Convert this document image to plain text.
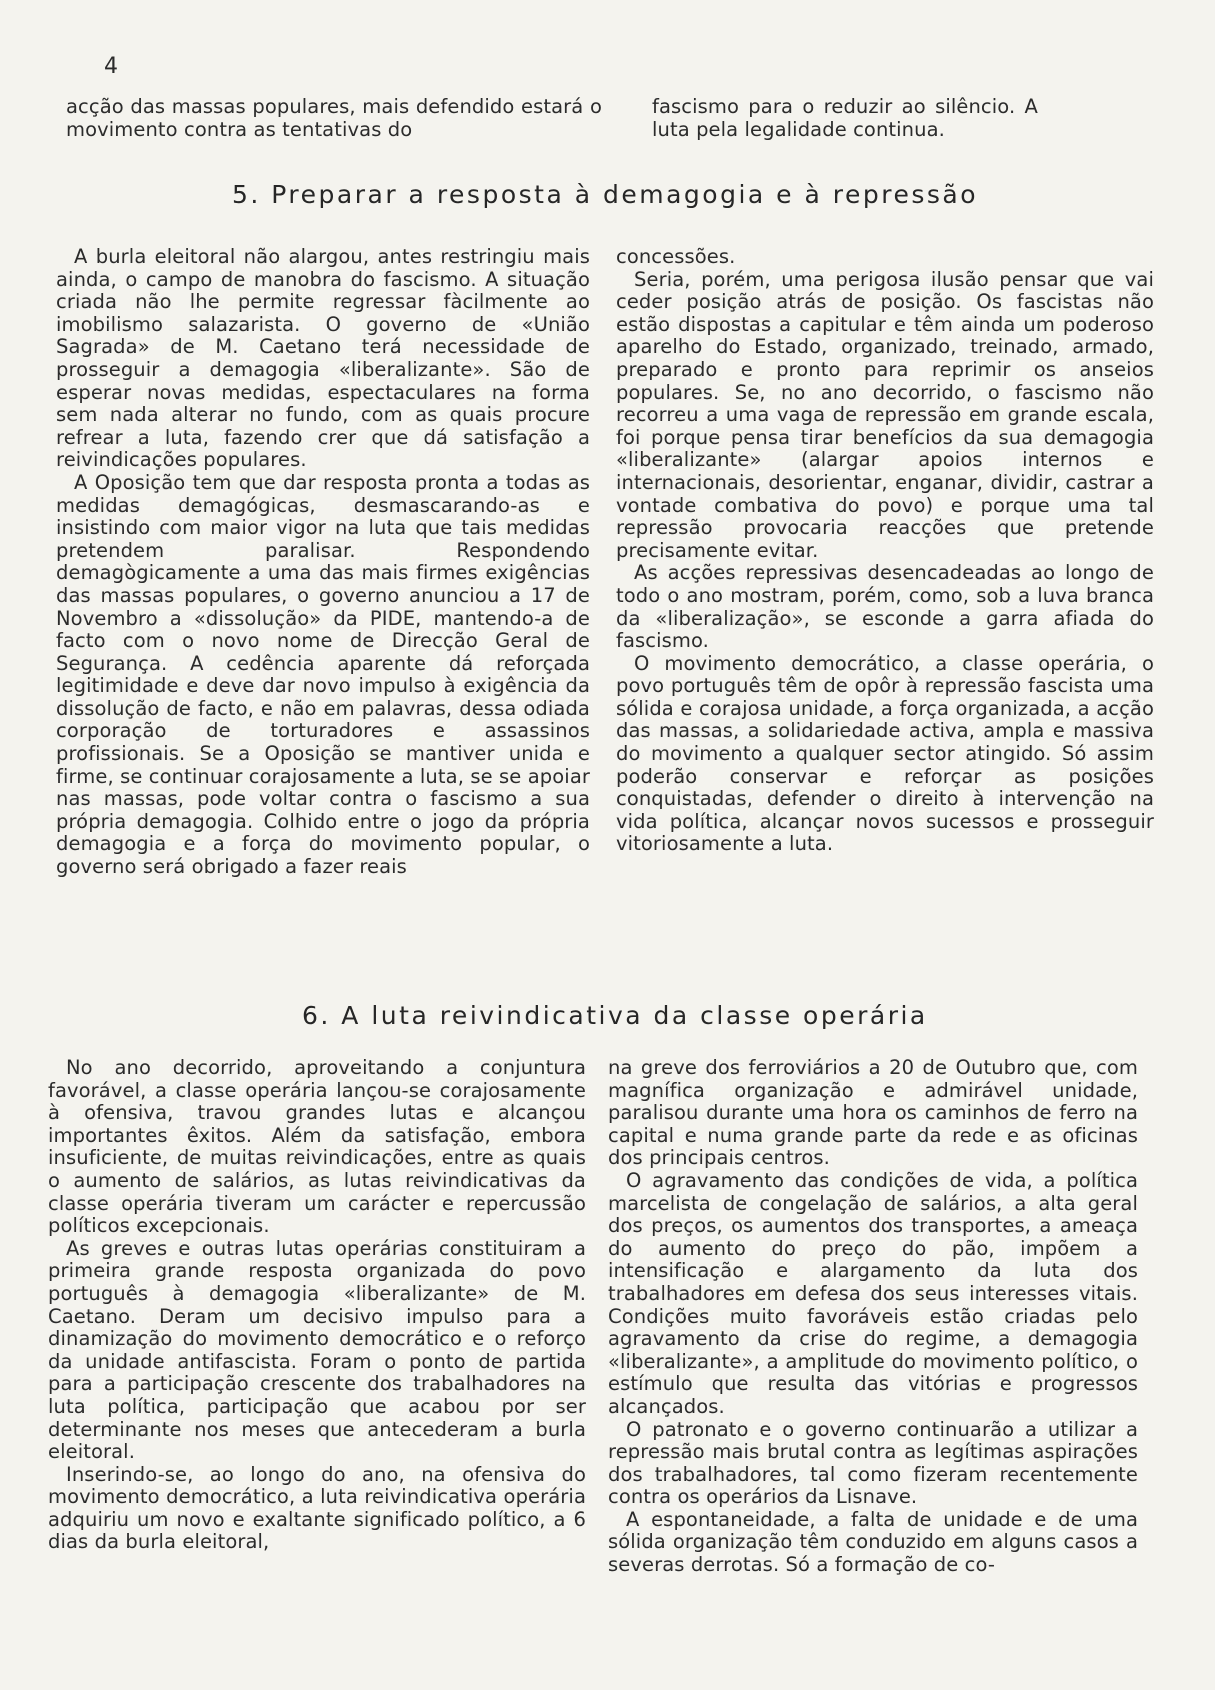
4

acção das massas populares, mais defendido estará o movimento contra as tentativas do

fascismo para o reduzir ao silêncio. A luta pela legalidade continua.

5. Preparar a resposta à demagogia e à repressão

A burla eleitoral não alargou, antes restringiu mais ainda, o campo de manobra do fascismo. A situação criada não lhe permite regressar fàcilmente ao imobilismo salazarista. O governo de «União Sagrada» de M. Caetano terá necessidade de prosseguir a demagogia «liberalizante». São de esperar novas medidas, espectaculares na forma sem nada alterar no fundo, com as quais procure refrear a luta, fazendo crer que dá satisfação a reivindicações populares.

A Oposição tem que dar resposta pronta a todas as medidas demagógicas, desmascarando-as e insistindo com maior vigor na luta que tais medidas pretendem paralisar. Respondendo demagògicamente a uma das mais firmes exigências das massas populares, o governo anunciou a 17 de Novembro a «dissolução» da PIDE, mantendo-a de facto com o novo nome de Direcção Geral de Segurança. A cedência aparente dá reforçada legitimidade e deve dar novo impulso à exigência da dissolução de facto, e não em palavras, dessa odiada corporação de torturadores e assassinos profissionais. Se a Oposição se mantiver unida e firme, se continuar corajosamente a luta, se se apoiar nas massas, pode voltar contra o fascismo a sua própria demagogia. Colhido entre o jogo da própria demagogia e a força do movimento popular, o governo será obrigado a fazer reais

concessões.

Seria, porém, uma perigosa ilusão pensar que vai ceder posição atrás de posição. Os fascistas não estão dispostas a capitular e têm ainda um poderoso aparelho do Estado, organizado, treinado, armado, preparado e pronto para reprimir os anseios populares. Se, no ano decorrido, o fascismo não recorreu a uma vaga de repressão em grande escala, foi porque pensa tirar benefícios da sua demagogia «liberalizante» (alargar apoios internos e internacionais, desorientar, enganar, dividir, castrar a vontade combativa do povo) e porque uma tal repressão provocaria reacções que pretende precisamente evitar.

As acções repressivas desencadeadas ao longo de todo o ano mostram, porém, como, sob a luva branca da «liberalização», se esconde a garra afiada do fascismo.

O movimento democrático, a classe operária, o povo português têm de opôr à repressão fascista uma sólida e corajosa unidade, a força organizada, a acção das massas, a solidariedade activa, ampla e massiva do movimento a qualquer sector atingido. Só assim poderão conservar e reforçar as posições conquistadas, defender o direito à intervenção na vida política, alcançar novos sucessos e prosseguir vitoriosamente a luta.

6. A luta reivindicativa da classe operária

No ano decorrido, aproveitando a conjuntura favorável, a classe operária lançou-se corajosamente à ofensiva, travou grandes lutas e alcançou importantes êxitos. Além da satisfação, embora insuficiente, de muitas reivindicações, entre as quais o aumento de salários, as lutas reivindicativas da classe operária tiveram um carácter e repercussão políticos excepcionais.

As greves e outras lutas operárias constituiram a primeira grande resposta organizada do povo português à demagogia «liberalizante» de M. Caetano. Deram um decisivo impulso para a dinamização do movimento democrático e o reforço da unidade antifascista. Foram o ponto de partida para a participação crescente dos trabalhadores na luta política, participação que acabou por ser determinante nos meses que antecederam a burla eleitoral.

Inserindo-se, ao longo do ano, na ofensiva do movimento democrático, a luta reivindicativa operária adquiriu um novo e exaltante significado político, a 6 dias da burla eleitoral,

na greve dos ferroviários a 20 de Outubro que, com magnífica organização e admirável unidade, paralisou durante uma hora os caminhos de ferro na capital e numa grande parte da rede e as oficinas dos principais centros.

O agravamento das condições de vida, a política marcelista de congelação de salários, a alta geral dos preços, os aumentos dos transportes, a ameaça do aumento do preço do pão, impõem a intensificação e alargamento da luta dos trabalhadores em defesa dos seus interesses vitais. Condições muito favoráveis estão criadas pelo agravamento da crise do regime, a demagogia «liberalizante», a amplitude do movimento político, o estímulo que resulta das vitórias e progressos alcançados.

O patronato e o governo continuarão a utilizar a repressão mais brutal contra as legítimas aspirações dos trabalhadores, tal como fizeram recentemente contra os operários da Lisnave.

A espontaneidade, a falta de unidade e de uma sólida organização têm conduzido em alguns casos a severas derrotas. Só a formação de co-
